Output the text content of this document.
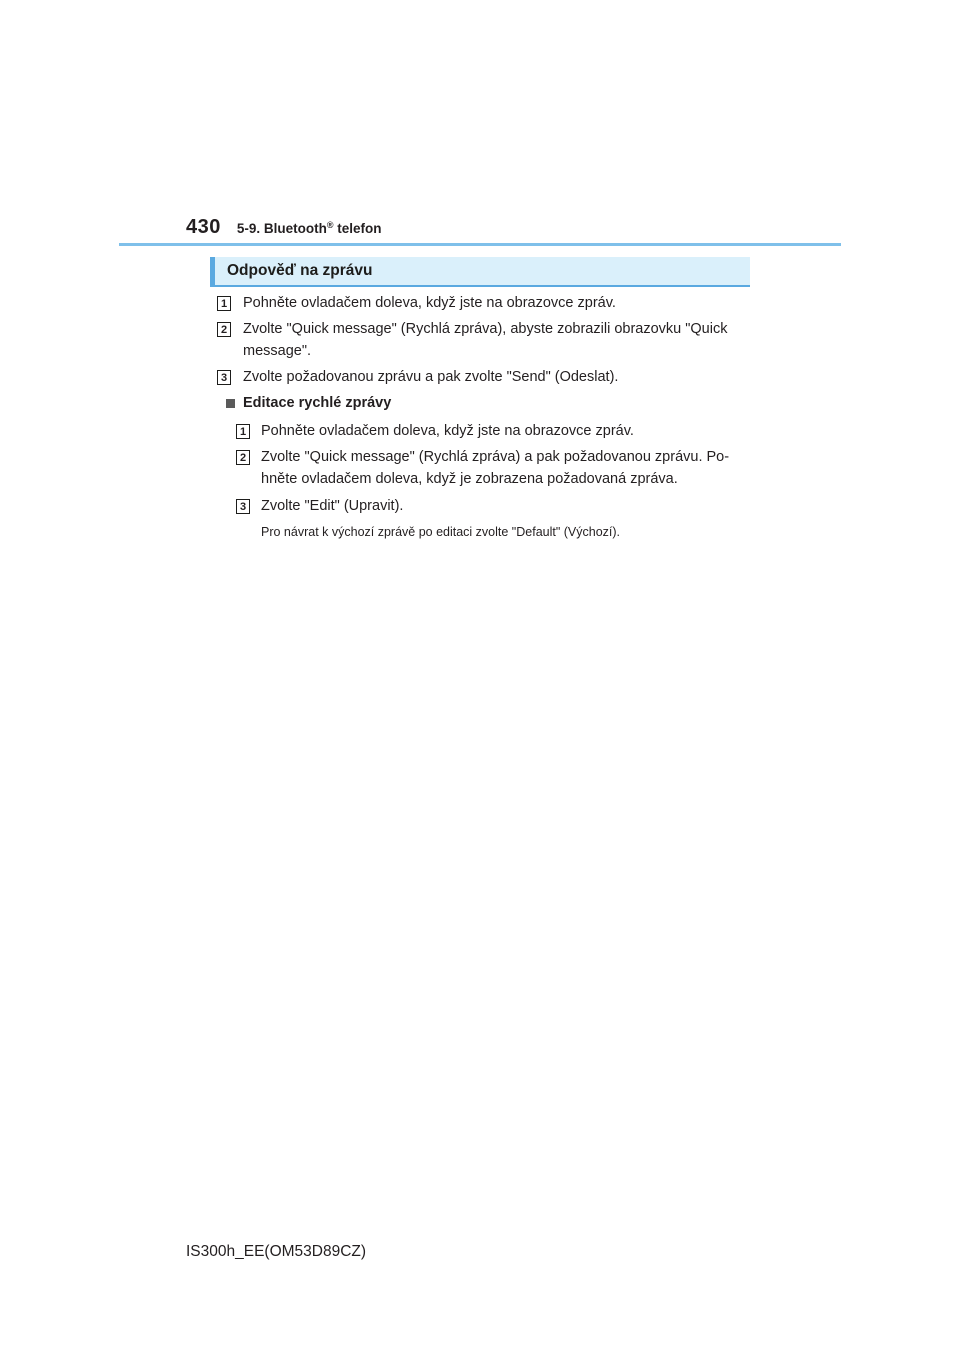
430 5-9. Bluetooth® telefon
Odpověď na zprávu
1 Pohněte ovladačem doleva, když jste na obrazovce zpráv.
2 Zvolte "Quick message" (Rychlá zpráva), abyste zobrazili obrazovku "Quick
message".
3 Zvolte požadovanou zprávu a pak zvolte "Send" (Odeslat).
Editace rychlé zprávy
1 Pohněte ovladačem doleva, když jste na obrazovce zpráv.
2 Zvolte "Quick message" (Rychlá zpráva) a pak požadovanou zprávu. Po-
hněte ovladačem doleva, když je zobrazena požadovaná zpráva.
3 Zvolte "Edit" (Upravit).
Pro návrat k výchozí zprávě po editaci zvolte "Default" (Výchozí).
IS300h_EE(OM53D89CZ)
